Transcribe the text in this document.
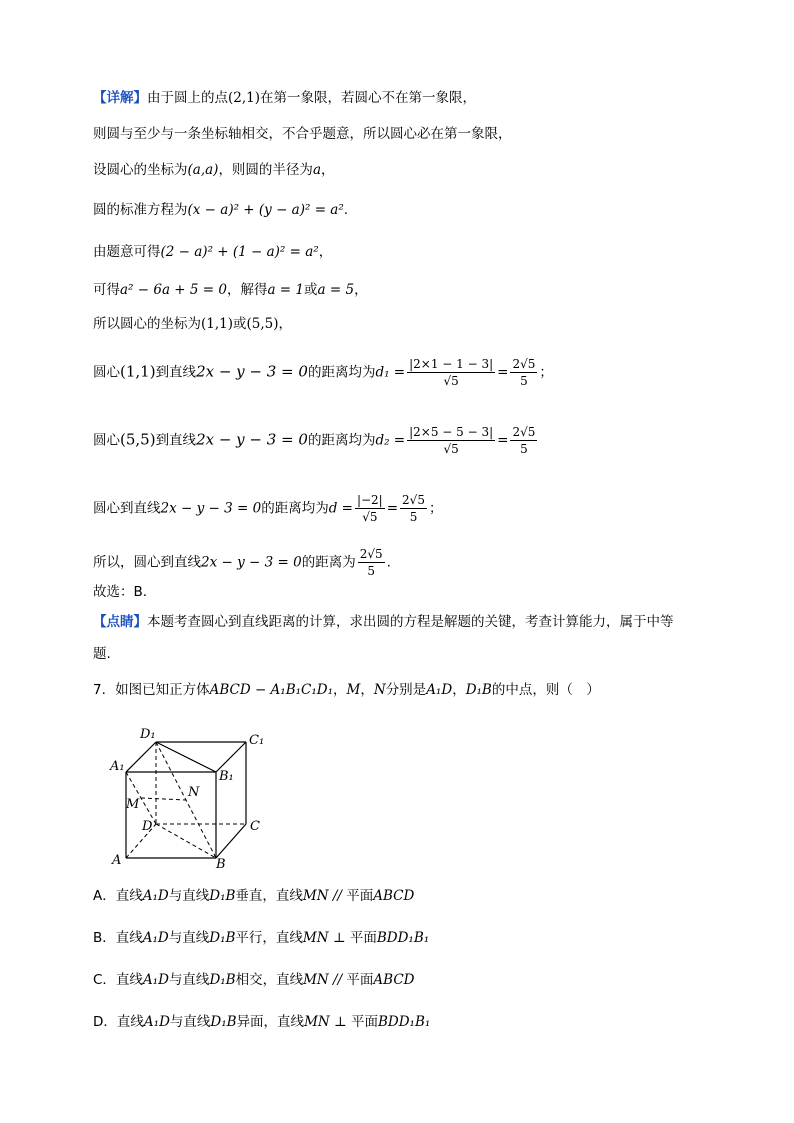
【详解】由于圆上的点(2,1)在第一象限，若圆心不在第一象限，
则圆与至少与一条坐标轴相交，不合乎题意，所以圆心必在第一象限，
设圆心的坐标为(a,a)，则圆的半径为a，
圆的标准方程为(x − a)² + (y − a)² = a².
由题意可得(2 − a)² + (1 − a)² = a²，
可得a² − 6a + 5 = 0，解得a = 1或a = 5，
所以圆心的坐标为(1,1)或(5,5)，
圆心(1,1)到直线2x − y − 3 = 0的距离均为$d_1 = \frac{|2\times 1 - 1 - 3|}{√5} = \frac{2√5}{5}$ ；
圆心(5,5)到直线2x − y − 3 = 0的距离均为$d_2 = \frac{|2\times 5 - 5 - 3|}{√5} = \frac{2√5}{5}$
圆心到直线2x − y − 3 = 0的距离均为$d = \frac{|-2|}{√5} = \frac{2√5}{5}$ ；
所以，圆心到直线2x − y − 3 = 0的距离为 $\frac{2√5}{5}$ .
故选：B.
【点睛】本题考查圆心到直线距离的计算，求出圆的方程是解题的关键，考查计算能力，属于中等
题.
7．如图已知正方体ABCD − A₁B₁C₁D₁，M，N分别是A₁D，D₁B的中点，则（　）
D₁	C₁
A₁
B₁
M
N
D	C
A	B
A．直线A₁D与直线D₁B垂直，直线MN // 平面ABCD
B．直线A₁D与直线D₁B平行，直线MN ⊥ 平面BDD₁B₁
C．直线A₁D与直线D₁B相交，直线MN // 平面ABCD
D．直线A₁D与直线D₁B异面，直线MN ⊥ 平面BDD₁B₁
